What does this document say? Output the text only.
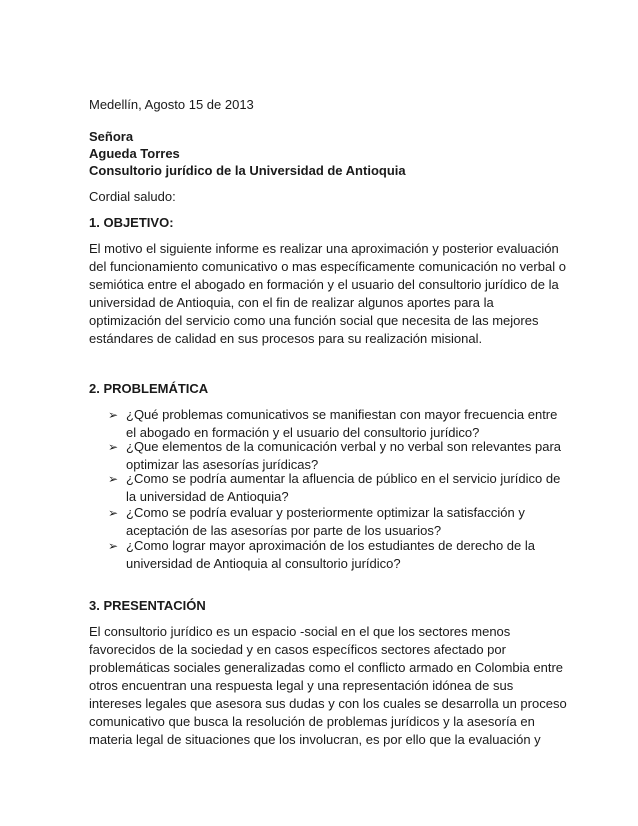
Medellín, Agosto 15 de 2013

Señora

Agueda Torres

Consultorio jurídico de la Universidad de Antioquia

Cordial saludo:

1. OBJETIVO:

El motivo el siguiente informe es realizar una aproximación y posterior evaluación

del funcionamiento comunicativo o mas específicamente comunicación no verbal o

semiótica entre el abogado en formación y el usuario del consultorio jurídico de la

universidad de Antioquia, con el fin de realizar algunos aportes para la

optimización del servicio como una función social que necesita de las mejores

estándares de calidad en sus procesos para su realización misional.

2. PROBLEMÁTICA

➢ ¿Qué problemas comunicativos se manifiestan con mayor frecuencia entre

el abogado en formación y el usuario del consultorio jurídico?

➢ ¿Que elementos de la comunicación verbal y no verbal son relevantes para

optimizar las asesorías jurídicas?

➢ ¿Como se podría aumentar la afluencia de público en el servicio jurídico de

la universidad de Antioquia?

➢ ¿Como se podría evaluar y posteriormente optimizar la satisfacción y

aceptación de las asesorías por parte de los usuarios?

➢ ¿Como lograr mayor aproximación de los estudiantes de derecho de la

universidad de Antioquia al consultorio jurídico?

3. PRESENTACIÓN

El consultorio jurídico es un espacio -social en el que los sectores menos

favorecidos de la sociedad y en casos específicos sectores afectado por

problemáticas sociales generalizadas como el conflicto armado en Colombia entre

otros encuentran una respuesta legal y una representación idónea de sus

intereses legales que asesora sus dudas y con los cuales se desarrolla un proceso

comunicativo que busca la resolución de problemas jurídicos y la asesoría en

materia legal de situaciones que los involucran, es por ello que la evaluación y
